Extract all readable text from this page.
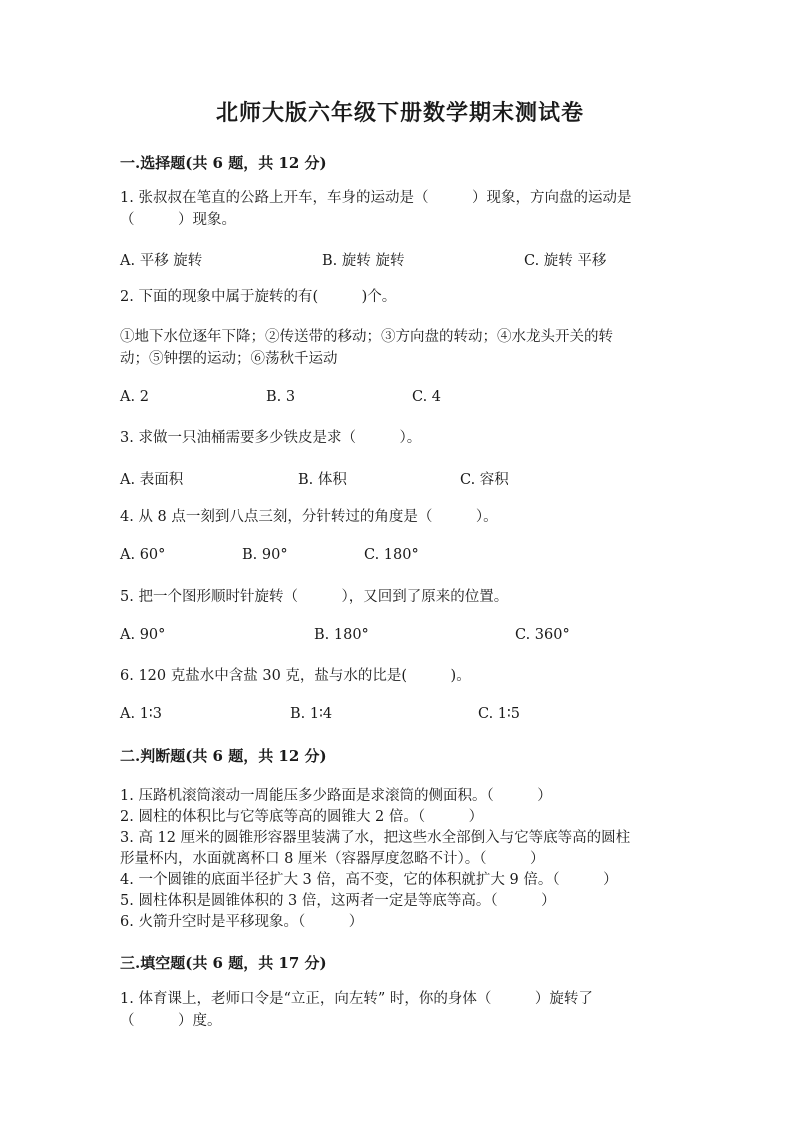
北师大版六年级下册数学期末测试卷
一.选择题(共 6 题，共 12 分)
1. 张叔叔在笔直的公路上开车，车身的运动是（　　　）现象，方向盘的运动是
（　　　）现象。
A. 平移 旋转	B. 旋转 旋转	C. 旋转 平移
2. 下面的现象中属于旋转的有(　　　)个。
①地下水位逐年下降；②传送带的移动；③方向盘的转动；④水龙头开关的转
动；⑤钟摆的运动；⑥荡秋千运动
A. 2	B. 3	C. 4
3. 求做一只油桶需要多少铁皮是求（　　　）。
A. 表面积	B. 体积	C. 容积
4. 从 8 点一刻到八点三刻，分针转过的角度是（　　　）。
A. 60°	B. 90°	C. 180°
5. 把一个图形顺时针旋转（　　　），又回到了原来的位置。
A. 90°	B. 180°	C. 360°
6. 120 克盐水中含盐 30 克，盐与水的比是(　　　)。
A. 1∶3	B. 1∶4	C. 1∶5
二.判断题(共 6 题，共 12 分)
1. 压路机滚筒滚动一周能压多少路面是求滚筒的侧面积。（　　　）
2. 圆柱的体积比与它等底等高的圆锥大 2 倍。（　　　）
3. 高 12 厘米的圆锥形容器里装满了水，把这些水全部倒入与它等底等高的圆柱
形量杯内，水面就离杯口 8 厘米（容器厚度忽略不计）。（　　　）
4. 一个圆锥的底面半径扩大 3 倍，高不变，它的体积就扩大 9 倍。（　　　）
5. 圆柱体积是圆锥体积的 3 倍，这两者一定是等底等高。（　　　）
6. 火箭升空时是平移现象。（　　　）
三.填空题(共 6 题，共 17 分)
1. 体育课上，老师口令是“立正，向左转” 时，你的身体（　　　）旋转了
（　　　）度。
